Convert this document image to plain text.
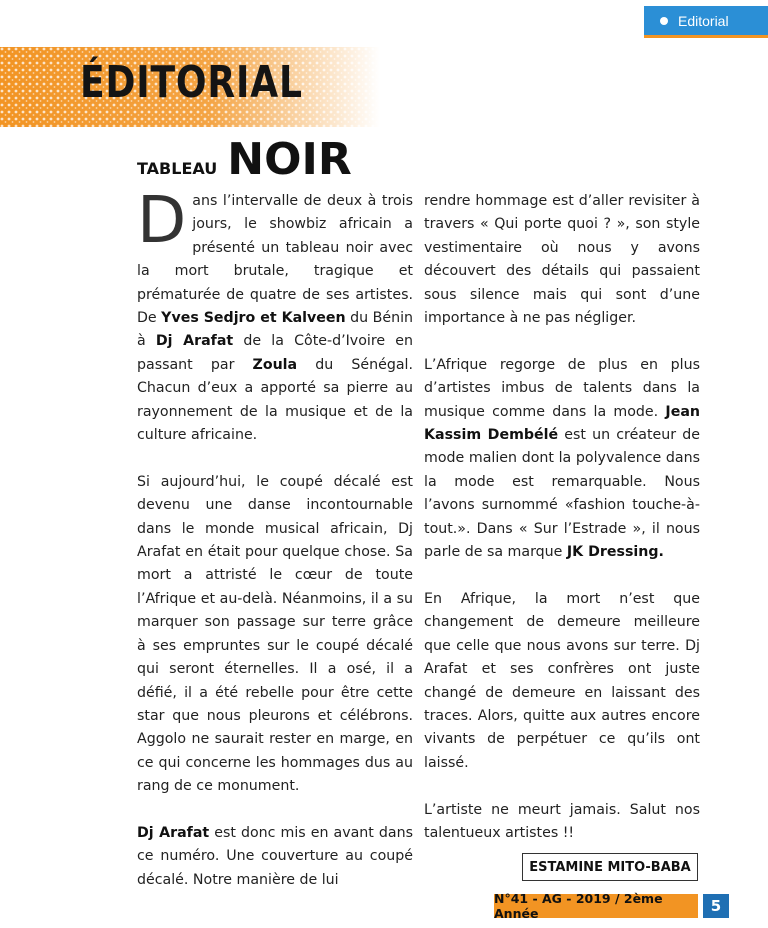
Editorial
ÉDITORIAL
TABLEAU NOIR

Dans l’intervalle de deux à trois jours, le showbiz africain a présenté un tableau noir avec la mort brutale, tragique et prématurée de quatre de ses artistes. De Yves Sedjro et Kalveen du Bénin à Dj Arafat de la Côte-d’Ivoire en passant par Zoula du Sénégal. Chacun d’eux a apporté sa pierre au rayonnement de la musique et de la culture africaine.

Si aujourd’hui, le coupé décalé est devenu une danse incontournable dans le monde musical africain, Dj Arafat en était pour quelque chose. Sa mort a attristé le cœur de toute l’Afrique et au-delà. Néanmoins, il a su marquer son passage sur terre grâce à ses empruntes sur le coupé décalé qui seront éternelles. Il a osé, il a défié, il a été rebelle pour être cette star que nous pleurons et célébrons. Aggolo ne saurait rester en marge, en ce qui concerne les hommages dus au rang de ce monument.

Dj Arafat est donc mis en avant dans ce numéro. Une couverture au coupé décalé. Notre manière de lui

rendre hommage est d’aller revisiter à travers « Qui porte quoi ? », son style vestimentaire où nous y avons découvert des détails qui passaient sous silence mais qui sont d’une importance à ne pas négliger.

L’Afrique regorge de plus en plus d’artistes imbus de talents dans la musique comme dans la mode. Jean Kassim Dembélé est un créateur de mode malien dont la polyvalence dans la mode est remarquable. Nous l’avons surnommé «fashion touche-à-tout.». Dans « Sur l’Estrade », il nous parle de sa marque JK Dressing.

En Afrique, la mort n’est que changement de demeure meilleure que celle que nous avons sur terre. Dj Arafat et ses confrères ont juste changé de demeure en laissant des traces. Alors, quitte aux autres encore vivants de perpétuer ce qu’ils ont laissé.

L’artiste ne meurt jamais. Salut nos talentueux artistes !!

ESTAMINE MITO-BABA
N°41 - AG - 2019 / 2ème Année	5
